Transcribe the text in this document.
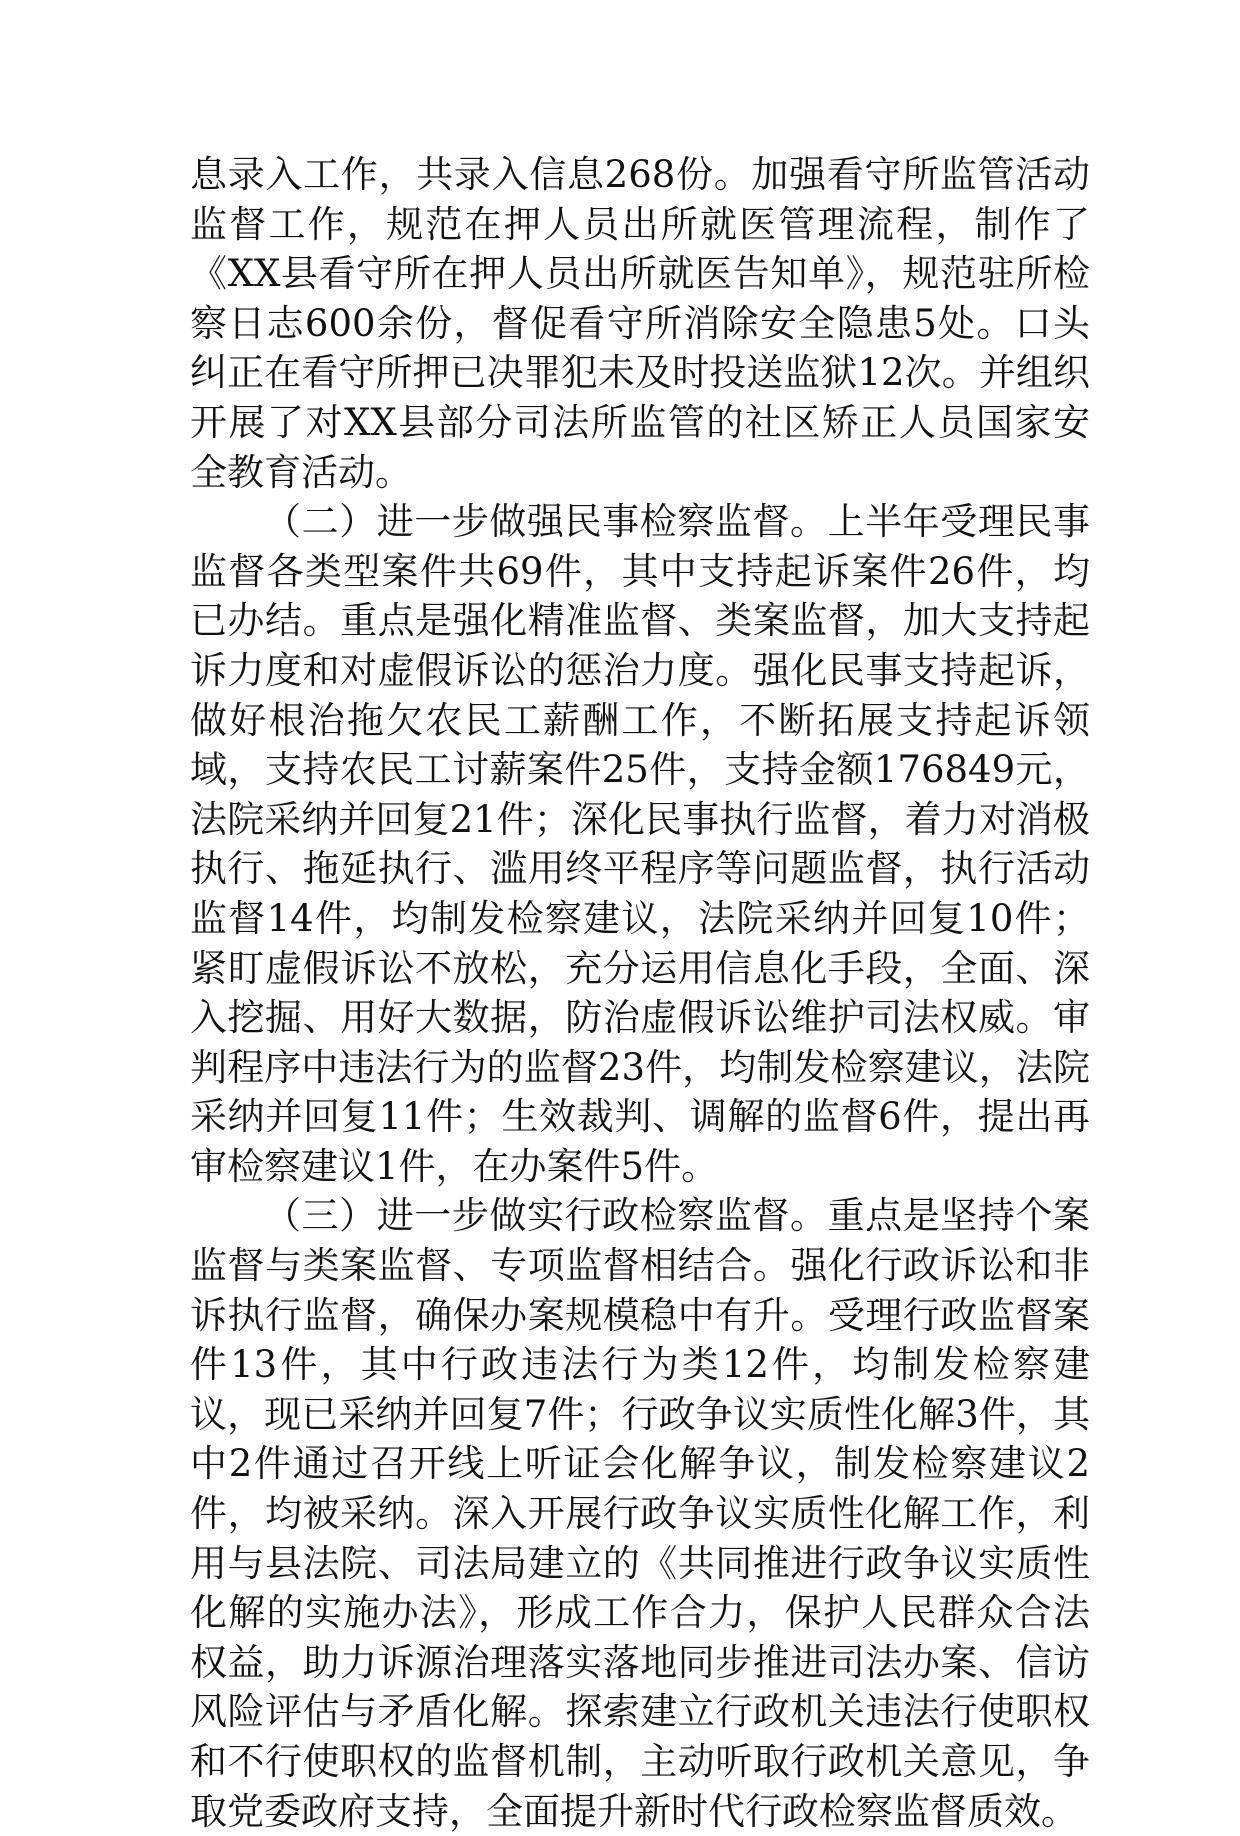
息录入工作，共录入信息268份。加强看守所监管活动监督工作，规范在押人员出所就医管理流程，制作了《XX县看守所在押人员出所就医告知单》，规范驻所检察日志600余份，督促看守所消除安全隐患5处。口头纠正在看守所押已决罪犯未及时投送监狱12次。并组织开展了对XX县部分司法所监管的社区矫正人员国家安全教育活动。

（二）进一步做强民事检察监督。上半年受理民事监督各类型案件共69件，其中支持起诉案件26件，均已办结。重点是强化精准监督、类案监督，加大支持起诉力度和对虚假诉讼的惩治力度。强化民事支持起诉，做好根治拖欠农民工薪酬工作，不断拓展支持起诉领域，支持农民工讨薪案件25件，支持金额176849元，法院采纳并回复21件；深化民事执行监督，着力对消极执行、拖延执行、滥用终平程序等问题监督，执行活动监督14件，均制发检察建议，法院采纳并回复10件；紧盯虚假诉讼不放松，充分运用信息化手段，全面、深入挖掘、用好大数据，防治虚假诉讼维护司法权威。审判程序中违法行为的监督23件，均制发检察建议，法院采纳并回复11件；生效裁判、调解的监督6件，提出再审检察建议1件，在办案件5件。

（三）进一步做实行政检察监督。重点是坚持个案监督与类案监督、专项监督相结合。强化行政诉讼和非诉执行监督，确保办案规模稳中有升。受理行政监督案件13件，其中行政违法行为类12件，均制发检察建议，现已采纳并回复7件；行政争议实质性化解3件，其中2件通过召开线上听证会化解争议，制发检察建议2件，均被采纳。深入开展行政争议实质性化解工作，利用与县法院、司法局建立的《共同推进行政争议实质性化解的实施办法》，形成工作合力，保护人民群众合法权益，助力诉源治理落实落地同步推进司法办案、信访风险评估与矛盾化解。探索建立行政机关违法行使职权和不行使职权的监督机制，主动听取行政机关意见，争取党委政府支持，全面提升新时代行政检察监督质效。
